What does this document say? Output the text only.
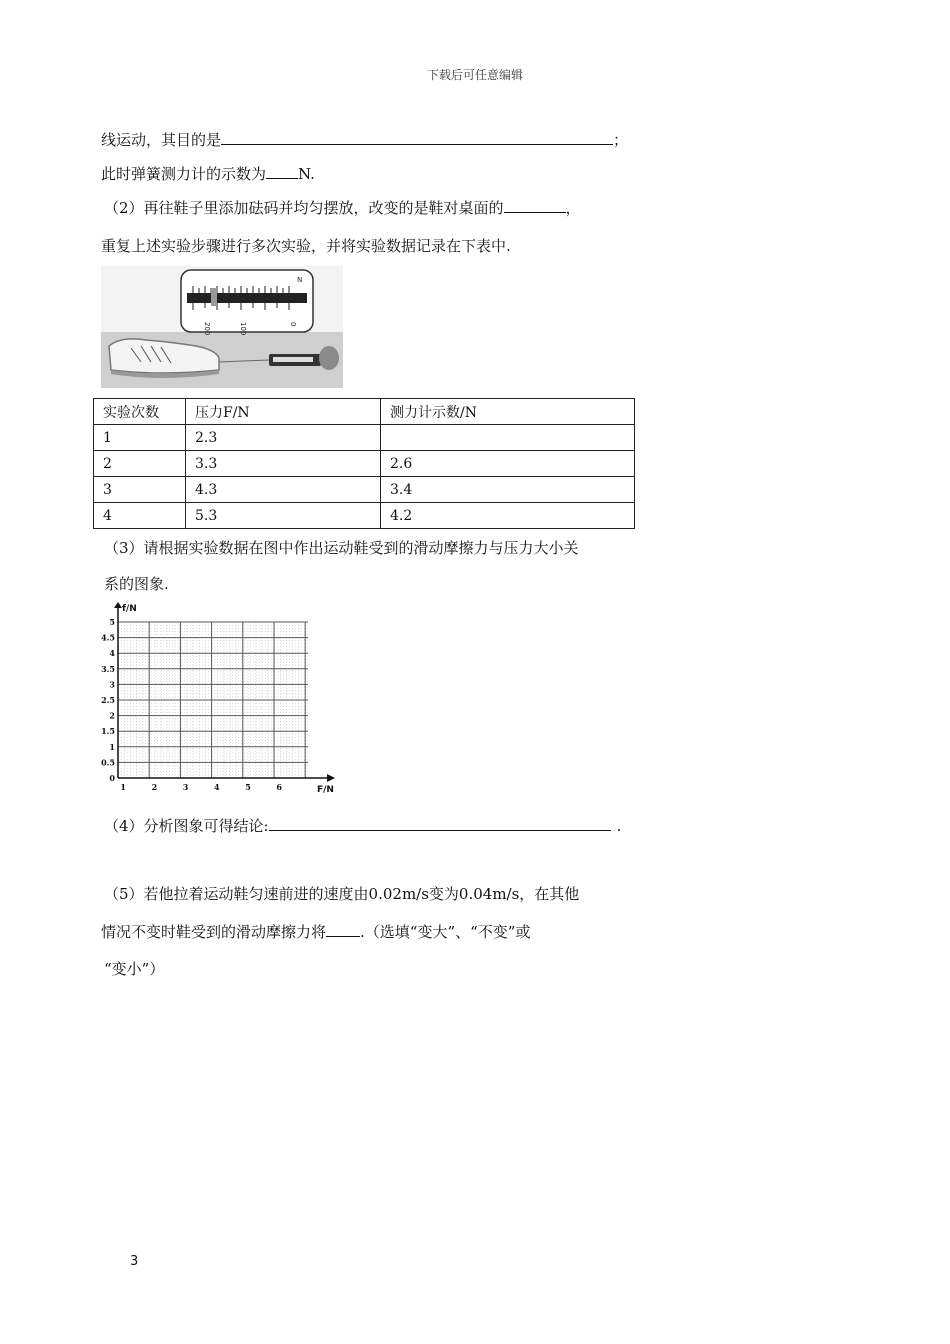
下载后可任意编辑
线运动，其目的是	；
此时弹簧测力计的示数为 N.
（2）再往鞋子里添加砝码并均匀摆放，改变的是鞋对桌面的	，
重复上述实验步骤进行多次实验，并将实验数据记录在下表中.
200	100	0
N
实验次数	压力F/N	测力计示数/N
1	2.3	
2	3.3	2.6
3	4.3	3.4
4	5.3	4.2
（3）请根据实验数据在图中作出运动鞋受到的滑动摩擦力与压力大小关
系的图象.
5
4.5
4
3.5
3
2.5
2
1.5
1
0.5
0
1	2	3	4	5	6
f/N
F/N
（4）分析图象可得结论:	.
（5）若他拉着运动鞋匀速前进的速度由0.02m/s变为0.04m/s，在其他
情况不变时鞋受到的滑动摩擦力将 .（选填“变大”、“不变”或
“变小”）
3
